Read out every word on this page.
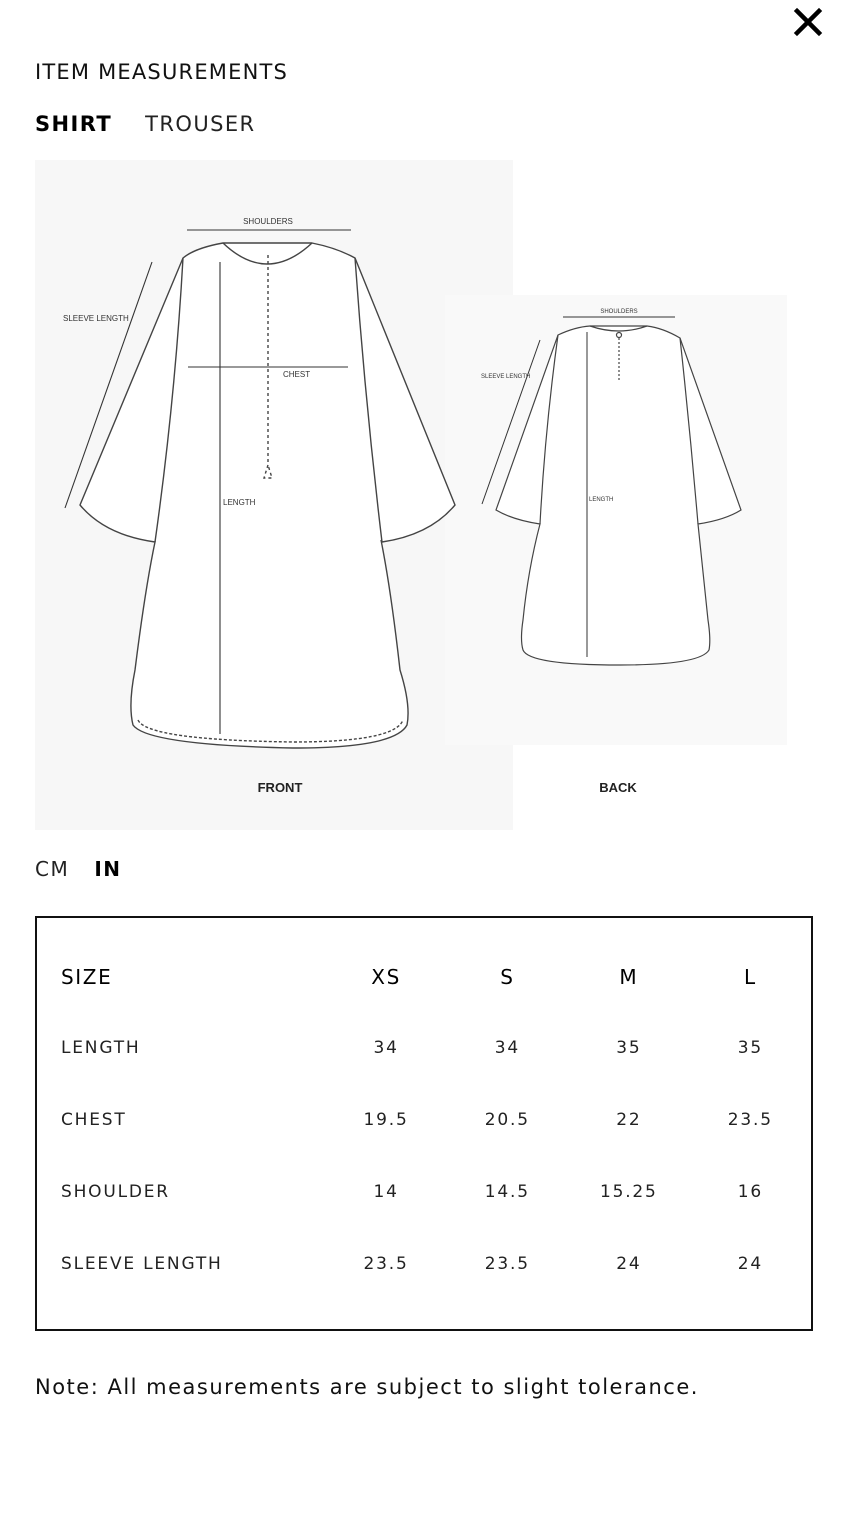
ITEM MEASUREMENTS
SHIRT TROUSER
SHOULDERS
SLEEVE LENGTH
CHEST
LENGTH
FRONT
SHOULDERS
SLEEVE LENGTH
LENGTH
BACK
CM IN
SIZE	XS	S	M	L
LENGTH	34	34	35	35
CHEST	19.5	20.5	22	23.5
SHOULDER	14	14.5	15.25	16
SLEEVE LENGTH	23.5	23.5	24	24
Note: All measurements are subject to slight tolerance.
